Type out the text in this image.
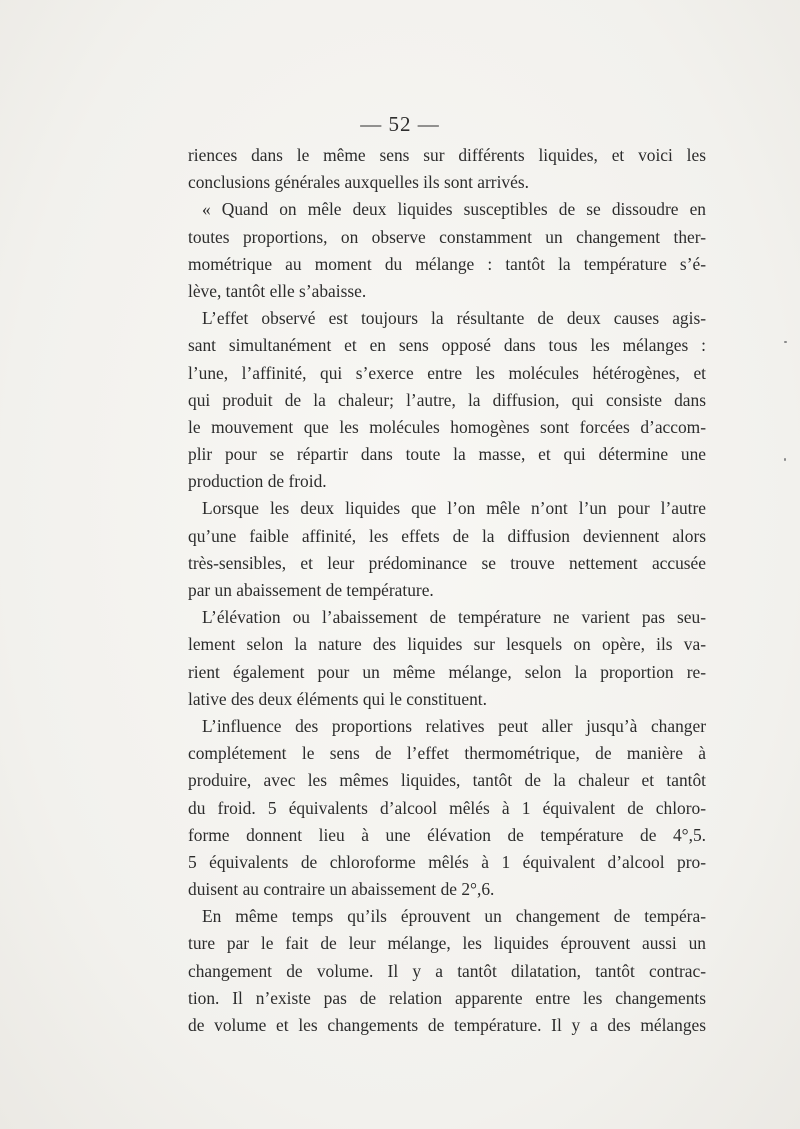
— 52 —
riences dans le même sens sur différents liquides, et voici les
conclusions générales auxquelles ils sont arrivés.
« Quand on mêle deux liquides susceptibles de se dissoudre en
toutes proportions, on observe constamment un changement ther-
mométrique au moment du mélange : tantôt la température s’é-
lève, tantôt elle s’abaisse.
L’effet observé est toujours la résultante de deux causes agis-
sant simultanément et en sens opposé dans tous les mélanges :
l’une, l’affinité, qui s’exerce entre les molécules hétérogènes, et
qui produit de la chaleur; l’autre, la diffusion, qui consiste dans
le mouvement que les molécules homogènes sont forcées d’accom-
plir pour se répartir dans toute la masse, et qui détermine une
production de froid.
Lorsque les deux liquides que l’on mêle n’ont l’un pour l’autre
qu’une faible affinité, les effets de la diffusion deviennent alors
très-sensibles, et leur prédominance se trouve nettement accusée
par un abaissement de température.
L’élévation ou l’abaissement de température ne varient pas seu-
lement selon la nature des liquides sur lesquels on opère, ils va-
rient également pour un même mélange, selon la proportion re-
lative des deux éléments qui le constituent.
L’influence des proportions relatives peut aller jusqu’à changer
complétement le sens de l’effet thermométrique, de manière à
produire, avec les mêmes liquides, tantôt de la chaleur et tantôt
du froid. 5 équivalents d’alcool mêlés à 1 équivalent de chloro-
forme donnent lieu à une élévation de température de 4°,5.
5 équivalents de chloroforme mêlés à 1 équivalent d’alcool pro-
duisent au contraire un abaissement de 2°,6.
En même temps qu’ils éprouvent un changement de tempéra-
ture par le fait de leur mélange, les liquides éprouvent aussi un
changement de volume. Il y a tantôt dilatation, tantôt contrac-
tion. Il n’existe pas de relation apparente entre les changements
de volume et les changements de température. Il y a des mélanges
